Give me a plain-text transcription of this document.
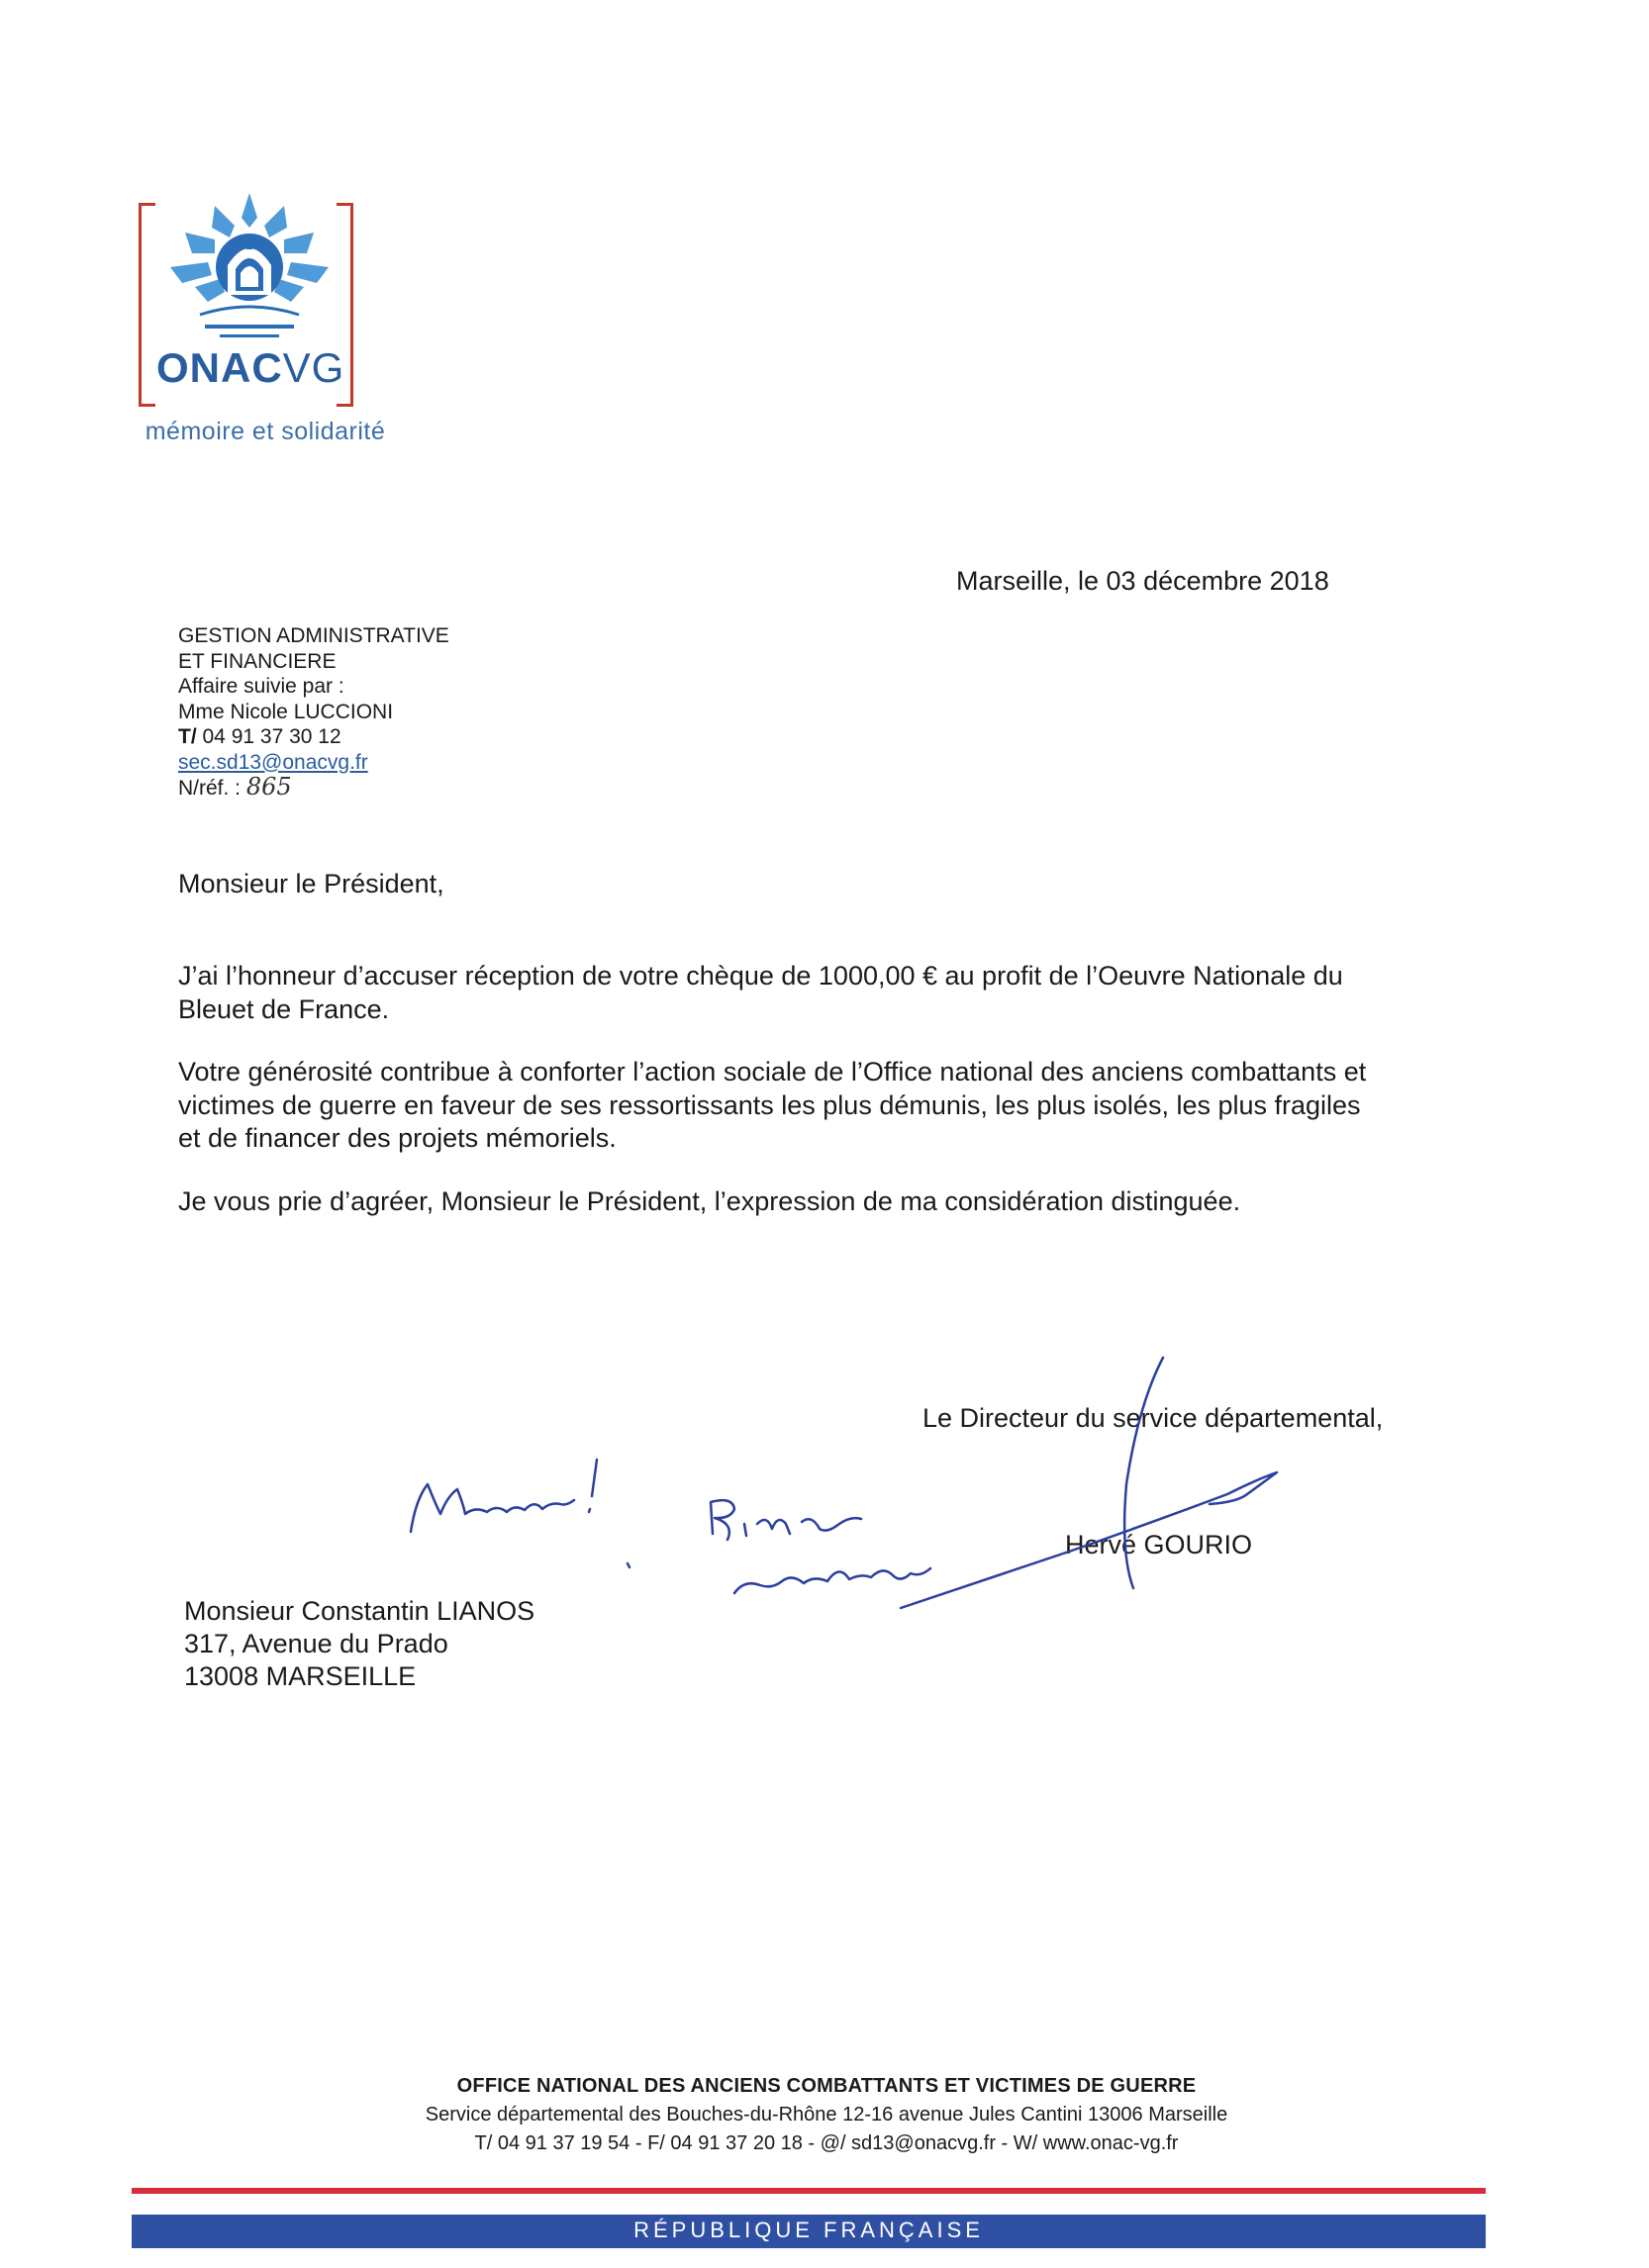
ONACVG
mémoire et solidarité
Marseille, le 03 décembre 2018
GESTION ADMINISTRATIVE
ET FINANCIERE
Affaire suivie par :
Mme Nicole LUCCIONI
T/ 04 91 37 30 12
sec.sd13@onacvg.fr
N/réf. : 865
Monsieur le Président,
J’ai l’honneur d’accuser réception de votre chèque de 1000,00 € au profit de l’Oeuvre Nationale du
Bleuet de France.
Votre générosité contribue à conforter l’action sociale de l’Office national des anciens combattants et
victimes de guerre en faveur de ses ressortissants les plus démunis, les plus isolés, les plus fragiles
et de financer des projets mémoriels.
Je vous prie d’agréer, Monsieur le Président, l’expression de ma considération distinguée.
Le Directeur du service départemental,
Hervé GOURIO
Monsieur Constantin LIANOS
317, Avenue du Prado
13008 MARSEILLE
OFFICE NATIONAL DES ANCIENS COMBATTANTS ET VICTIMES DE GUERRE
Service départemental des Bouches-du-Rhône 12-16 avenue Jules Cantini 13006 Marseille
T/ 04 91 37 19 54 - F/ 04 91 37 20 18 - @/ sd13@onacvg.fr - W/ www.onac-vg.fr
RÉPUBLIQUE FRANÇAISE
